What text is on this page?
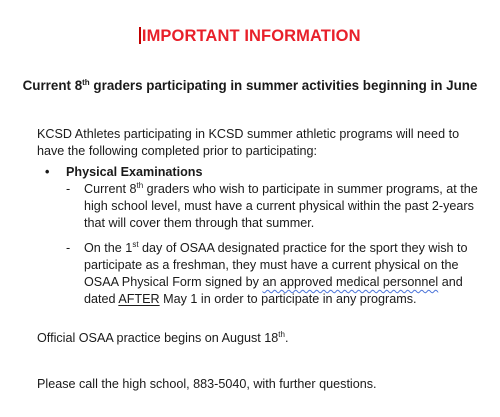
IMPORTANT INFORMATION
Current 8th graders participating in summer activities beginning in June
KCSD Athletes participating in KCSD summer athletic programs will need to have the following completed prior to participating:
• Physical Examinations
- Current 8th graders who wish to participate in summer programs, at the high school level, must have a current physical within the past 2-years that will cover them through that summer.
- On the 1st day of OSAA designated practice for the sport they wish to participate as a freshman, they must have a current physical on the OSAA Physical Form signed by an approved medical personnel and dated AFTER May 1 in order to participate in any programs.
Official OSAA practice begins on August 18th.
Please call the high school, 883-5040, with further questions.
